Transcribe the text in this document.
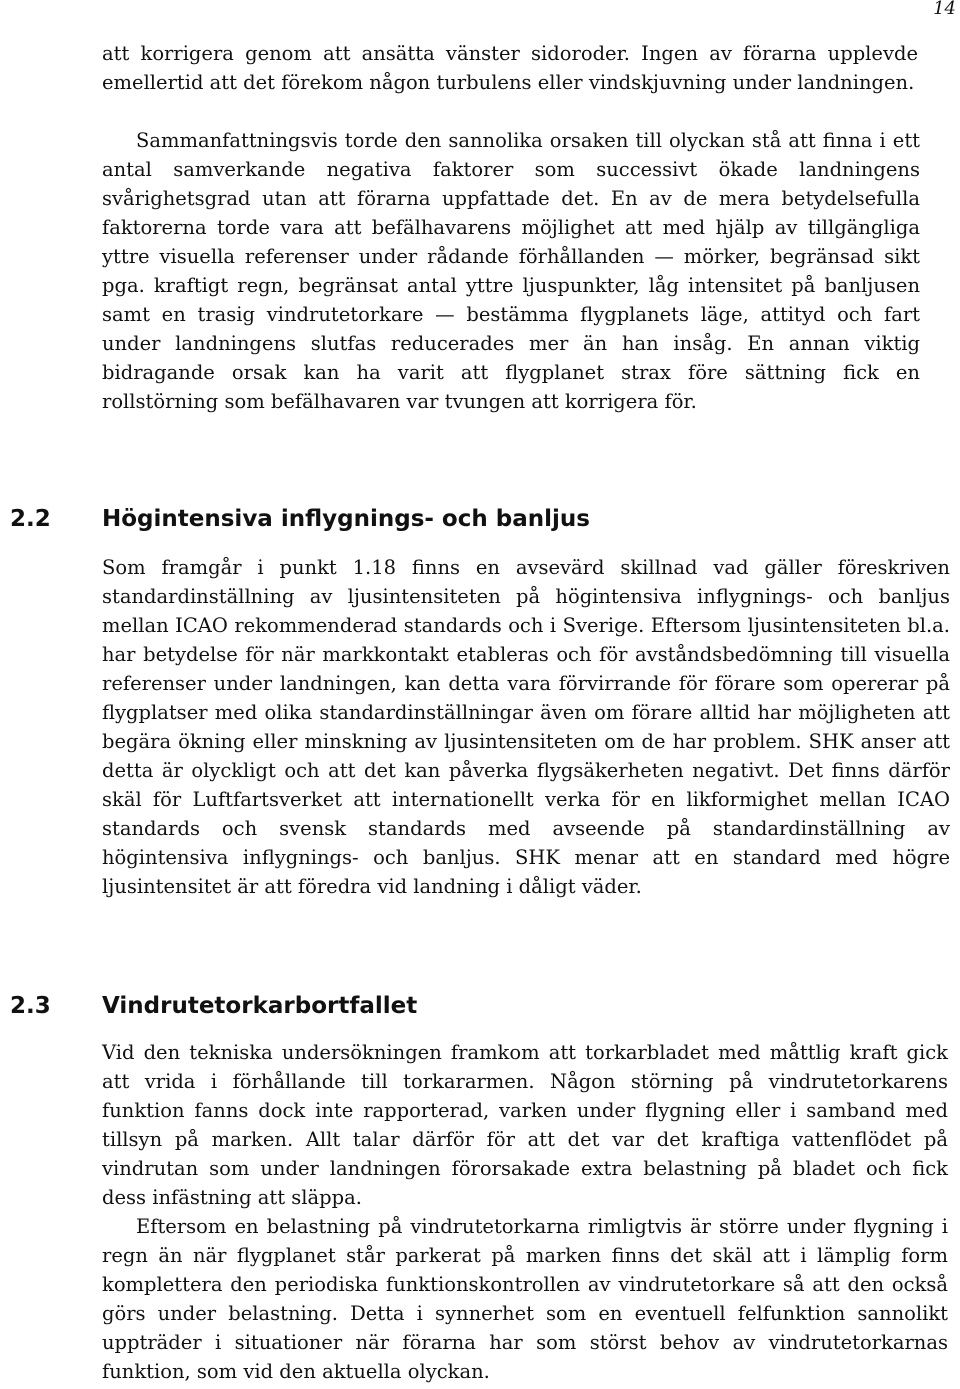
14

att korrigera genom att ansätta vänster sidoroder. Ingen av förarna upplevde emellertid att det förekom någon turbulens eller vindskjuvning under landningen.

Sammanfattningsvis torde den sannolika orsaken till olyckan stå att finna i ett antal samverkande negativa faktorer som successivt ökade landningens svårighetsgrad utan att förarna uppfattade det. En av de mera betydelsefulla faktorerna torde vara att befälhavarens möjlighet att med hjälp av tillgängliga yttre visuella referenser under rådande förhållanden — mörker, begränsad sikt pga. kraftigt regn, begränsat antal yttre ljuspunkter, låg intensitet på banljusen samt en trasig vindrutetorkare — bestämma flygplanets läge, attityd och fart under landningens slutfas reducerades mer än han insåg. En annan viktig bidragande orsak kan ha varit att flygplanet strax före sättning fick en rollstörning som befälhavaren var tvungen att korrigera för.

2.2 Högintensiva inflygnings- och banljus

Som framgår i punkt 1.18 finns en avsevärd skillnad vad gäller föreskriven standardinställning av ljusintensiteten på högintensiva inflygnings- och banljus mellan ICAO rekommenderad standards och i Sverige. Eftersom ljusintensiteten bl.a. har betydelse för när markkontakt etableras och för avståndsbedömning till visuella referenser under landningen, kan detta vara förvirrande för förare som opererar på flygplatser med olika standardinställningar även om förare alltid har möjligheten att begära ökning eller minskning av ljusintensiteten om de har problem. SHK anser att detta är olyckligt och att det kan påverka flygsäkerheten negativt. Det finns därför skäl för Luftfartsverket att internationellt verka för en likformighet mellan ICAO standards och svensk standards med avseende på standardinställning av högintensiva inflygnings- och banljus. SHK menar att en standard med högre ljusintensitet är att föredra vid landning i dåligt väder.

2.3 Vindrutetorkarbortfallet

Vid den tekniska undersökningen framkom att torkarbladet med måttlig kraft gick att vrida i förhållande till torkararmen. Någon störning på vindrutetorkarens funktion fanns dock inte rapporterad, varken under flygning eller i samband med tillsyn på marken. Allt talar därför för att det var det kraftiga vattenflödet på vindrutan som under landningen förorsakade extra belastning på bladet och fick dess infästning att släppa.

Eftersom en belastning på vindrutetorkarna rimligtvis är större under flygning i regn än när flygplanet står parkerat på marken finns det skäl att i lämplig form komplettera den periodiska funktionskontrollen av vindrutetorkare så att den också görs under belastning. Detta i synnerhet som en eventuell felfunktion sannolikt uppträder i situationer när förarna har som störst behov av vindrutetorkarnas funktion, som vid den aktuella olyckan.
